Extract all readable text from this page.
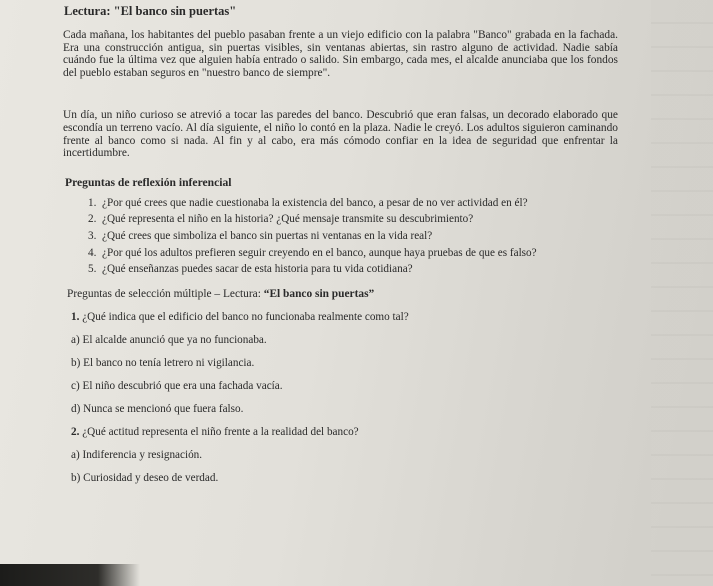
Lectura: "El banco sin puertas"

Cada mañana, los habitantes del pueblo pasaban frente a un viejo edificio con la palabra "Banco" grabada en la fachada. Era una construcción antigua, sin puertas visibles, sin ventanas abiertas, sin rastro alguno de actividad. Nadie sabía cuándo fue la última vez que alguien había entrado o salido. Sin embargo, cada mes, el alcalde anunciaba que los fondos del pueblo estaban seguros en "nuestro banco de siempre".

Un día, un niño curioso se atrevió a tocar las paredes del banco. Descubrió que eran falsas, un decorado elaborado que escondía un terreno vacío. Al día siguiente, el niño lo contó en la plaza. Nadie le creyó. Los adultos siguieron caminando frente al banco como si nada. Al fin y al cabo, era más cómodo confiar en la idea de seguridad que enfrentar la incertidumbre.

Preguntas de reflexión inferencial
1. ¿Por qué crees que nadie cuestionaba la existencia del banco, a pesar de no ver actividad en él?
2. ¿Qué representa el niño en la historia? ¿Qué mensaje transmite su descubrimiento?
3. ¿Qué crees que simboliza el banco sin puertas ni ventanas en la vida real?
4. ¿Por qué los adultos prefieren seguir creyendo en el banco, aunque haya pruebas de que es falso?
5. ¿Qué enseñanzas puedes sacar de esta historia para tu vida cotidiana?
Preguntas de selección múltiple – Lectura: “El banco sin puertas”
1. ¿Qué indica que el edificio del banco no funcionaba realmente como tal?
a) El alcalde anunció que ya no funcionaba.
b) El banco no tenía letrero ni vigilancia.
c) El niño descubrió que era una fachada vacía.
d) Nunca se mencionó que fuera falso.
2. ¿Qué actitud representa el niño frente a la realidad del banco?
a) Indiferencia y resignación.
b) Curiosidad y deseo de verdad.
